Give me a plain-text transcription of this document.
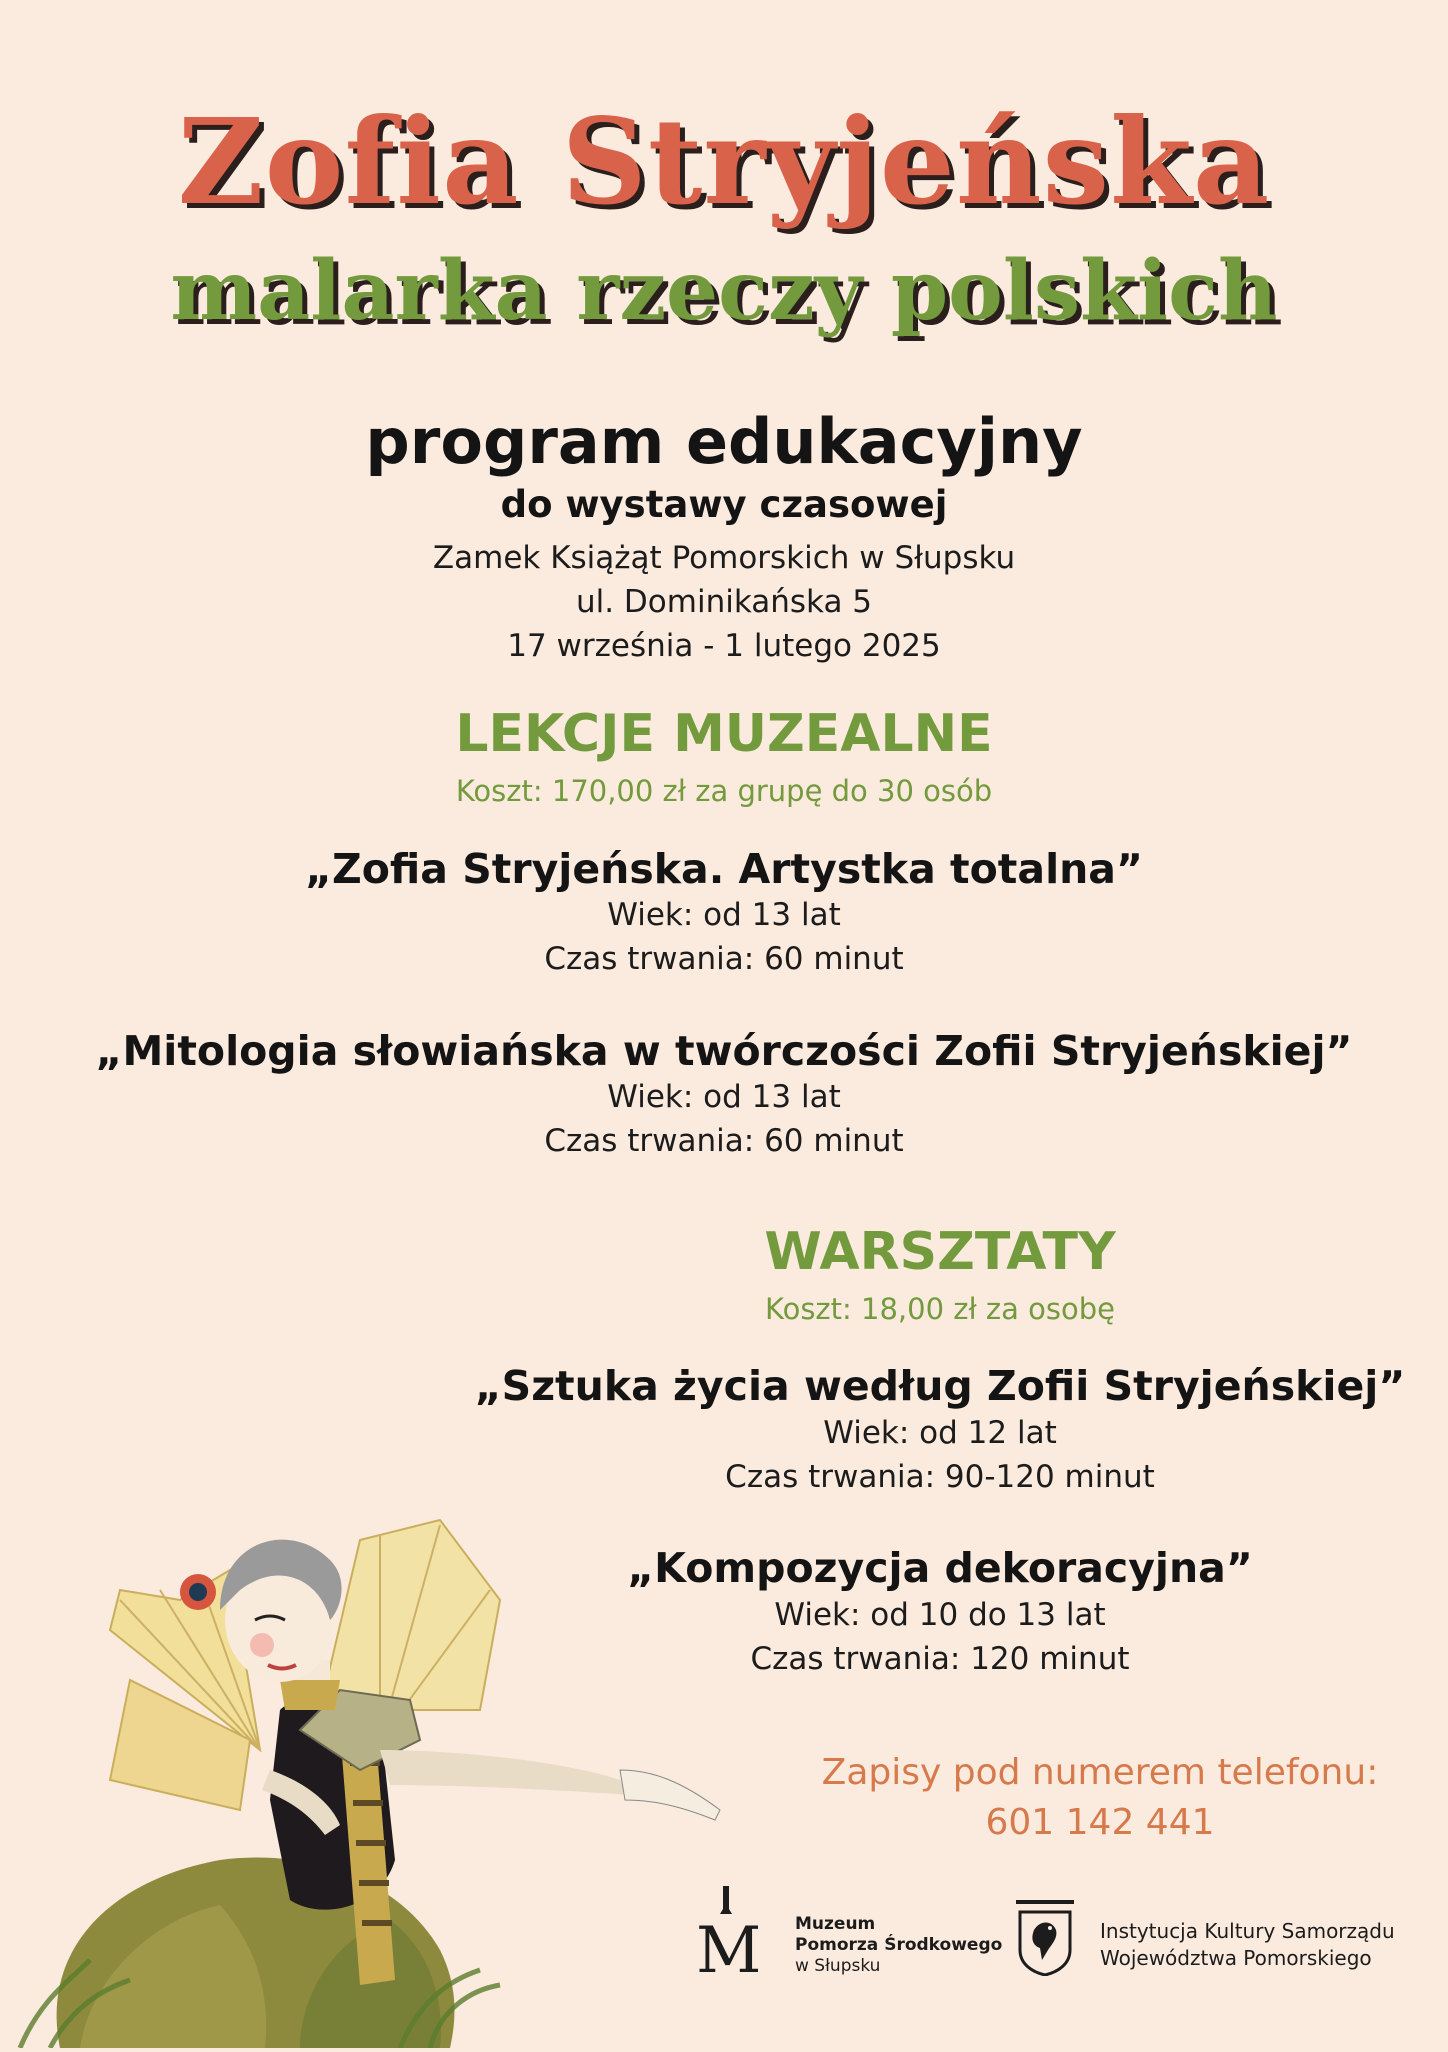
Zofia Stryjeńska
malarka rzeczy polskich
program edukacyjny
do wystawy czasowej
Zamek Książąt Pomorskich w Słupsku
ul. Dominikańska 5
17 września - 1 lutego 2025
LEKCJE MUZEALNE
Koszt: 170,00 zł za grupę do 30 osób
„Zofia Stryjeńska. Artystka totalna”
Wiek: od 13 lat
Czas trwania: 60 minut
„Mitologia słowiańska w twórczości Zofii Stryjeńskiej”
Wiek: od 13 lat
Czas trwania: 60 minut
WARSZTATY
Koszt: 18,00 zł za osobę
„Sztuka życia według Zofii Stryjeńskiej”
Wiek: od 12 lat
Czas trwania: 90-120 minut
„Kompozycja dekoracyjna”
Wiek: od 10 do 13 lat
Czas trwania: 120 minut
Zapisy pod numerem telefonu:
601 142 441
M Muzeum
Pomorza Środkowego
w Słupsku
Instytucja Kultury Samorządu
Województwa Pomorskiego
